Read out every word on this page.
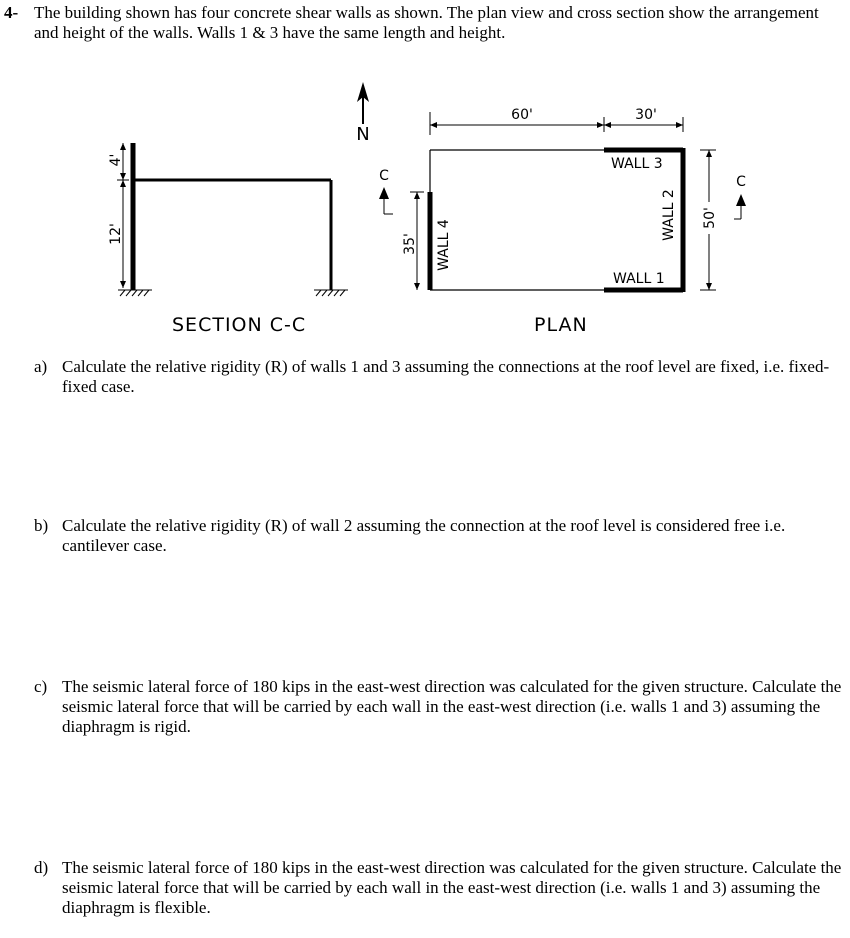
4- The building shown has four concrete shear walls as shown. The plan view and cross section show the arrangement and height of the walls. Walls 1 & 3 have the same length and height.
4'
12'
SECTION C-C
N
60'	30'
35'
50'
WALL 3
WALL 1
WALL 2
WALL 4
C	C
PLAN
a) Calculate the relative rigidity (R) of walls 1 and 3 assuming the connections at the roof level are fixed, i.e. fixed-fixed case.
b) Calculate the relative rigidity (R) of wall 2 assuming the connection at the roof level is considered free i.e. cantilever case.
c) The seismic lateral force of 180 kips in the east-west direction was calculated for the given structure. Calculate the seismic lateral force that will be carried by each wall in the east-west direction (i.e. walls 1 and 3) assuming the diaphragm is rigid.
d) The seismic lateral force of 180 kips in the east-west direction was calculated for the given structure. Calculate the seismic lateral force that will be carried by each wall in the east-west direction (i.e. walls 1 and 3) assuming the diaphragm is flexible.
